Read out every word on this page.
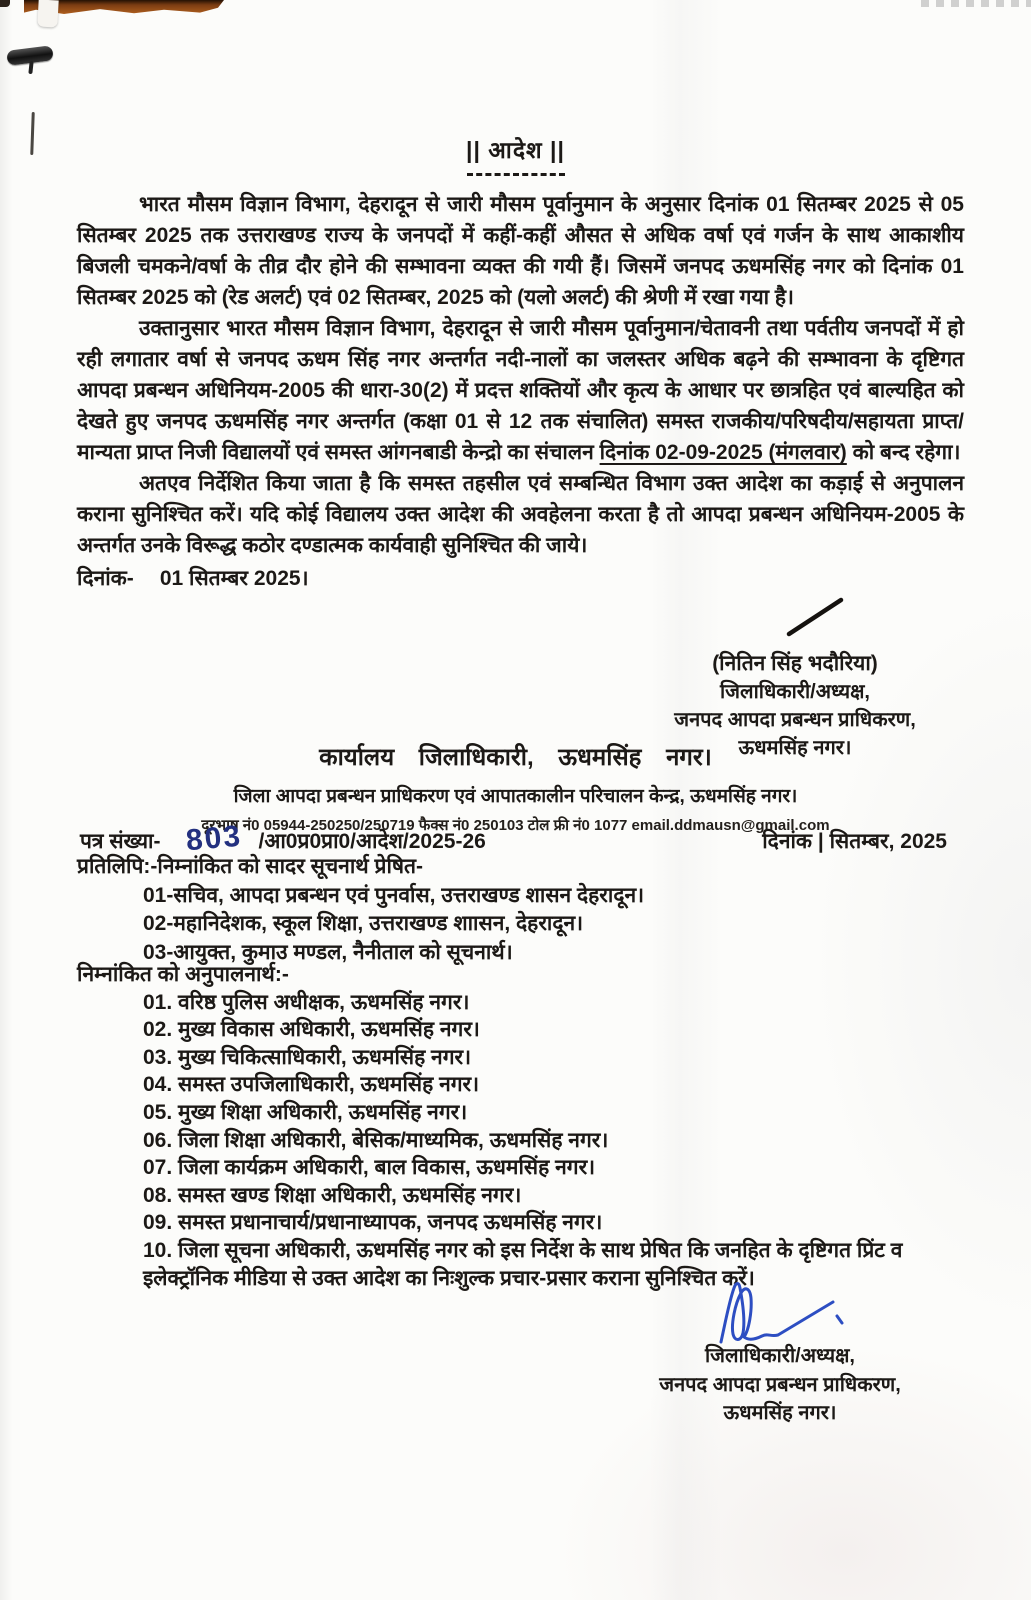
|| आदेश ||

भारत मौसम विज्ञान विभाग, देहरादून से जारी मौसम पूर्वानुमान के अनुसार दिनांक 01 सितम्बर 2025 से 05 सितम्बर 2025 तक उत्तराखण्ड राज्य के जनपदों में कहीं-कहीं औसत से अधिक वर्षा एवं गर्जन के साथ आकाशीय बिजली चमकने/वर्षा के तीव्र दौर होने की सम्भावना व्यक्त की गयी हैं। जिसमें जनपद ऊधमसिंह नगर को दिनांक 01 सितम्बर 2025 को (रेड अलर्ट) एवं 02 सितम्बर, 2025 को (यलो अलर्ट) की श्रेणी में रखा गया है।

उक्तानुसार भारत मौसम विज्ञान विभाग, देहरादून से जारी मौसम पूर्वानुमान/चेतावनी तथा पर्वतीय जनपदों में हो रही लगातार वर्षा से जनपद ऊधम सिंह नगर अन्तर्गत नदी-नालों का जलस्तर अधिक बढ़ने की सम्भावना के दृष्टिगत आपदा प्रबन्धन अधिनियम-2005 की धारा-30(2) में प्रदत्त शक्तियों और कृत्य के आधार पर छात्रहित एवं बाल्यहित को देखते हुए जनपद ऊधमसिंह नगर अन्तर्गत (कक्षा 01 से 12 तक संचालित) समस्त राजकीय/परिषदीय/सहायता प्राप्त/मान्यता प्राप्त निजी विद्यालयों एवं समस्त आंगनबाडी केन्द्रो का संचालन दिनांक 02-09-2025 (मंगलवार) को बन्द रहेगा।

अतएव निर्देशित किया जाता है कि समस्त तहसील एवं सम्बन्धित विभाग उक्त आदेश का कड़ाई से अनुपालन कराना सुनिश्चित करें। यदि कोई विद्यालय उक्त आदेश की अवहेलना करता है तो आपदा प्रबन्धन अधिनियम-2005 के अन्तर्गत उनके विरूद्ध कठोर दण्डात्मक कार्यवाही सुनिश्चित की जाये।

दिनांक- 01 सितम्बर 2025।
(नितिन सिंह भदौरिया)
जिलाधिकारी/अध्यक्ष,
जनपद आपदा प्रबन्धन प्राधिकरण,
ऊधमसिंह नगर।
कार्यालय जिलाधिकारी, ऊधमसिंह नगर।
जिला आपदा प्रबन्धन प्राधिकरण एवं आपातकालीन परिचालन केन्द्र, ऊधमसिंह नगर।
दूरभाष नं0 05944-250250/250719 फैक्स नं0 250103 टोल फ्री नं0 1077 email.ddmausn@gmail.com
पत्र संख्या- 803 /आ0प्र0प्रा0/आदेश/2025-26	दिनांक | सितम्बर, 2025
प्रतिलिपि:-निम्नांकित को सादर सूचनार्थ प्रेषित-
01-सचिव, आपदा प्रबन्धन एवं पुनर्वास, उत्तराखण्ड शासन देहरादून।
02-महानिदेशक, स्कूल शिक्षा, उत्तराखण्ड शाासन, देहरादून।
03-आयुक्त, कुमाउ मण्डल, नैनीताल को सूचनार्थ।
निम्नांकित को अनुपालनार्थ:-
01. वरिष्ठ पुलिस अधीक्षक, ऊधमसिंह नगर।
02. मुख्य विकास अधिकारी, ऊधमसिंह नगर।
03. मुख्य चिकित्साधिकारी, ऊधमसिंह नगर।
04. समस्त उपजिलाधिकारी, ऊधमसिंह नगर।
05. मुख्य शिक्षा अधिकारी, ऊधमसिंह नगर।
06. जिला शिक्षा अधिकारी, बेसिक/माध्यमिक, ऊधमसिंह नगर।
07. जिला कार्यक्रम अधिकारी, बाल विकास, ऊधमसिंह नगर।
08. समस्त खण्ड शिक्षा अधिकारी, ऊधमसिंह नगर।
09. समस्त प्रधानाचार्य/प्रधानाध्यापक, जनपद ऊधमसिंह नगर।
10. जिला सूचना अधिकारी, ऊधमसिंह नगर को इस निर्देश के साथ प्रेषित कि जनहित के दृष्टिगत प्रिंट व इलेक्ट्रॉनिक मीडिया से उक्त आदेश का निःशुल्क प्रचार-प्रसार कराना सुनिश्चित करें।
जिलाधिकारी/अध्यक्ष,
जनपद आपदा प्रबन्धन प्राधिकरण,
ऊधमसिंह नगर।
